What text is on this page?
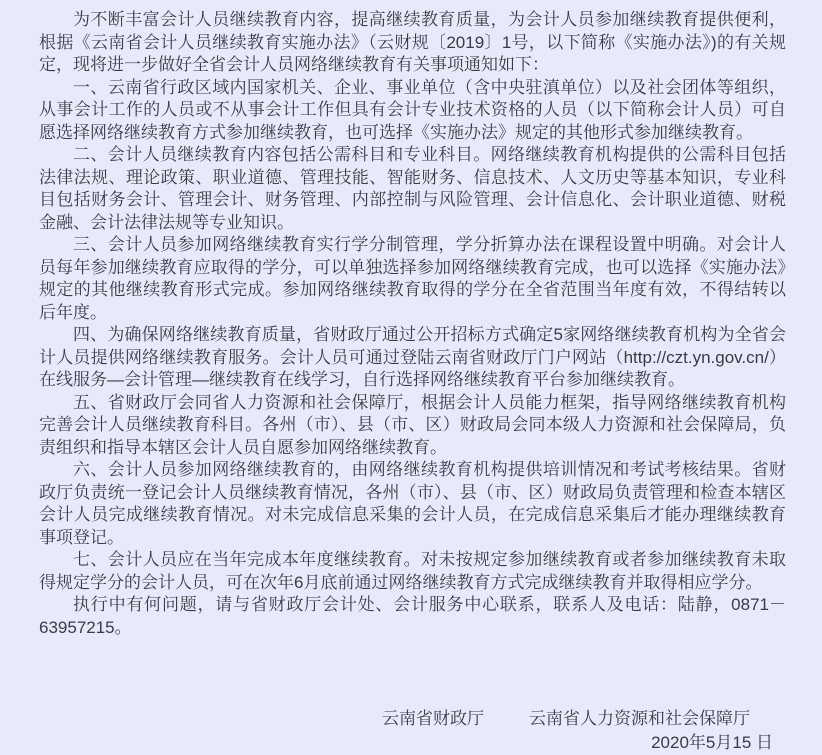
为不断丰富会计人员继续教育内容，提高继续教育质量，为会计人员参加继续教育提供便利，根据《云南省会计人员继续教育实施办法》（云财规〔2019〕1号，以下简称《实施办法》)的有关规定，现将进一步做好全省会计人员网络继续教育有关事项通知如下：

一、云南省行政区域内国家机关、企业、事业单位（含中央驻滇单位）以及社会团体等组织，从事会计工作的人员或不从事会计工作但具有会计专业技术资格的人员（以下简称会计人员）可自愿选择网络继续教育方式参加继续教育，也可选择《实施办法》规定的其他形式参加继续教育。

二、会计人员继续教育内容包括公需科目和专业科目。网络继续教育机构提供的公需科目包括法律法规、理论政策、职业道德、管理技能、智能财务、信息技术、人文历史等基本知识，专业科目包括财务会计、管理会计、财务管理、内部控制与风险管理、会计信息化、会计职业道德、财税金融、会计法律法规等专业知识。

三、会计人员参加网络继续教育实行学分制管理，学分折算办法在课程设置中明确。对会计人员每年参加继续教育应取得的学分，可以单独选择参加网络继续教育完成，也可以选择《实施办法》规定的其他继续教育形式完成。参加网络继续教育取得的学分在全省范围当年度有效，不得结转以后年度。

四、为确保网络继续教育质量，省财政厅通过公开招标方式确定5家网络继续教育机构为全省会计人员提供网络继续教育服务。会计人员可通过登陆云南省财政厅门户网站（http://czt.yn.gov.cn/）在线服务—会计管理—继续教育在线学习，自行选择网络继续教育平台参加继续教育。

五、省财政厅会同省人力资源和社会保障厅，根据会计人员能力框架，指导网络继续教育机构完善会计人员继续教育科目。各州（市）、县（市、区）财政局会同本级人力资源和社会保障局，负责组织和指导本辖区会计人员自愿参加网络继续教育。

六、会计人员参加网络继续教育的，由网络继续教育机构提供培训情况和考试考核结果。省财政厅负责统一登记会计人员继续教育情况，各州（市）、县（市、区）财政局负责管理和检查本辖区会计人员完成继续教育情况。对未完成信息采集的会计人员，在完成信息采集后才能办理继续教育事项登记。

七、会计人员应在当年完成本年度继续教育。对未按规定参加继续教育或者参加继续教育未取得规定学分的会计人员，可在次年6月底前通过网络继续教育方式完成继续教育并取得相应学分。

执行中有何问题，请与省财政厅会计处、会计服务中心联系，联系人及电话：陆静，0871－63957215。

云南省财政厅	云南省人力资源和社会保障厅
2020年5月15 日
